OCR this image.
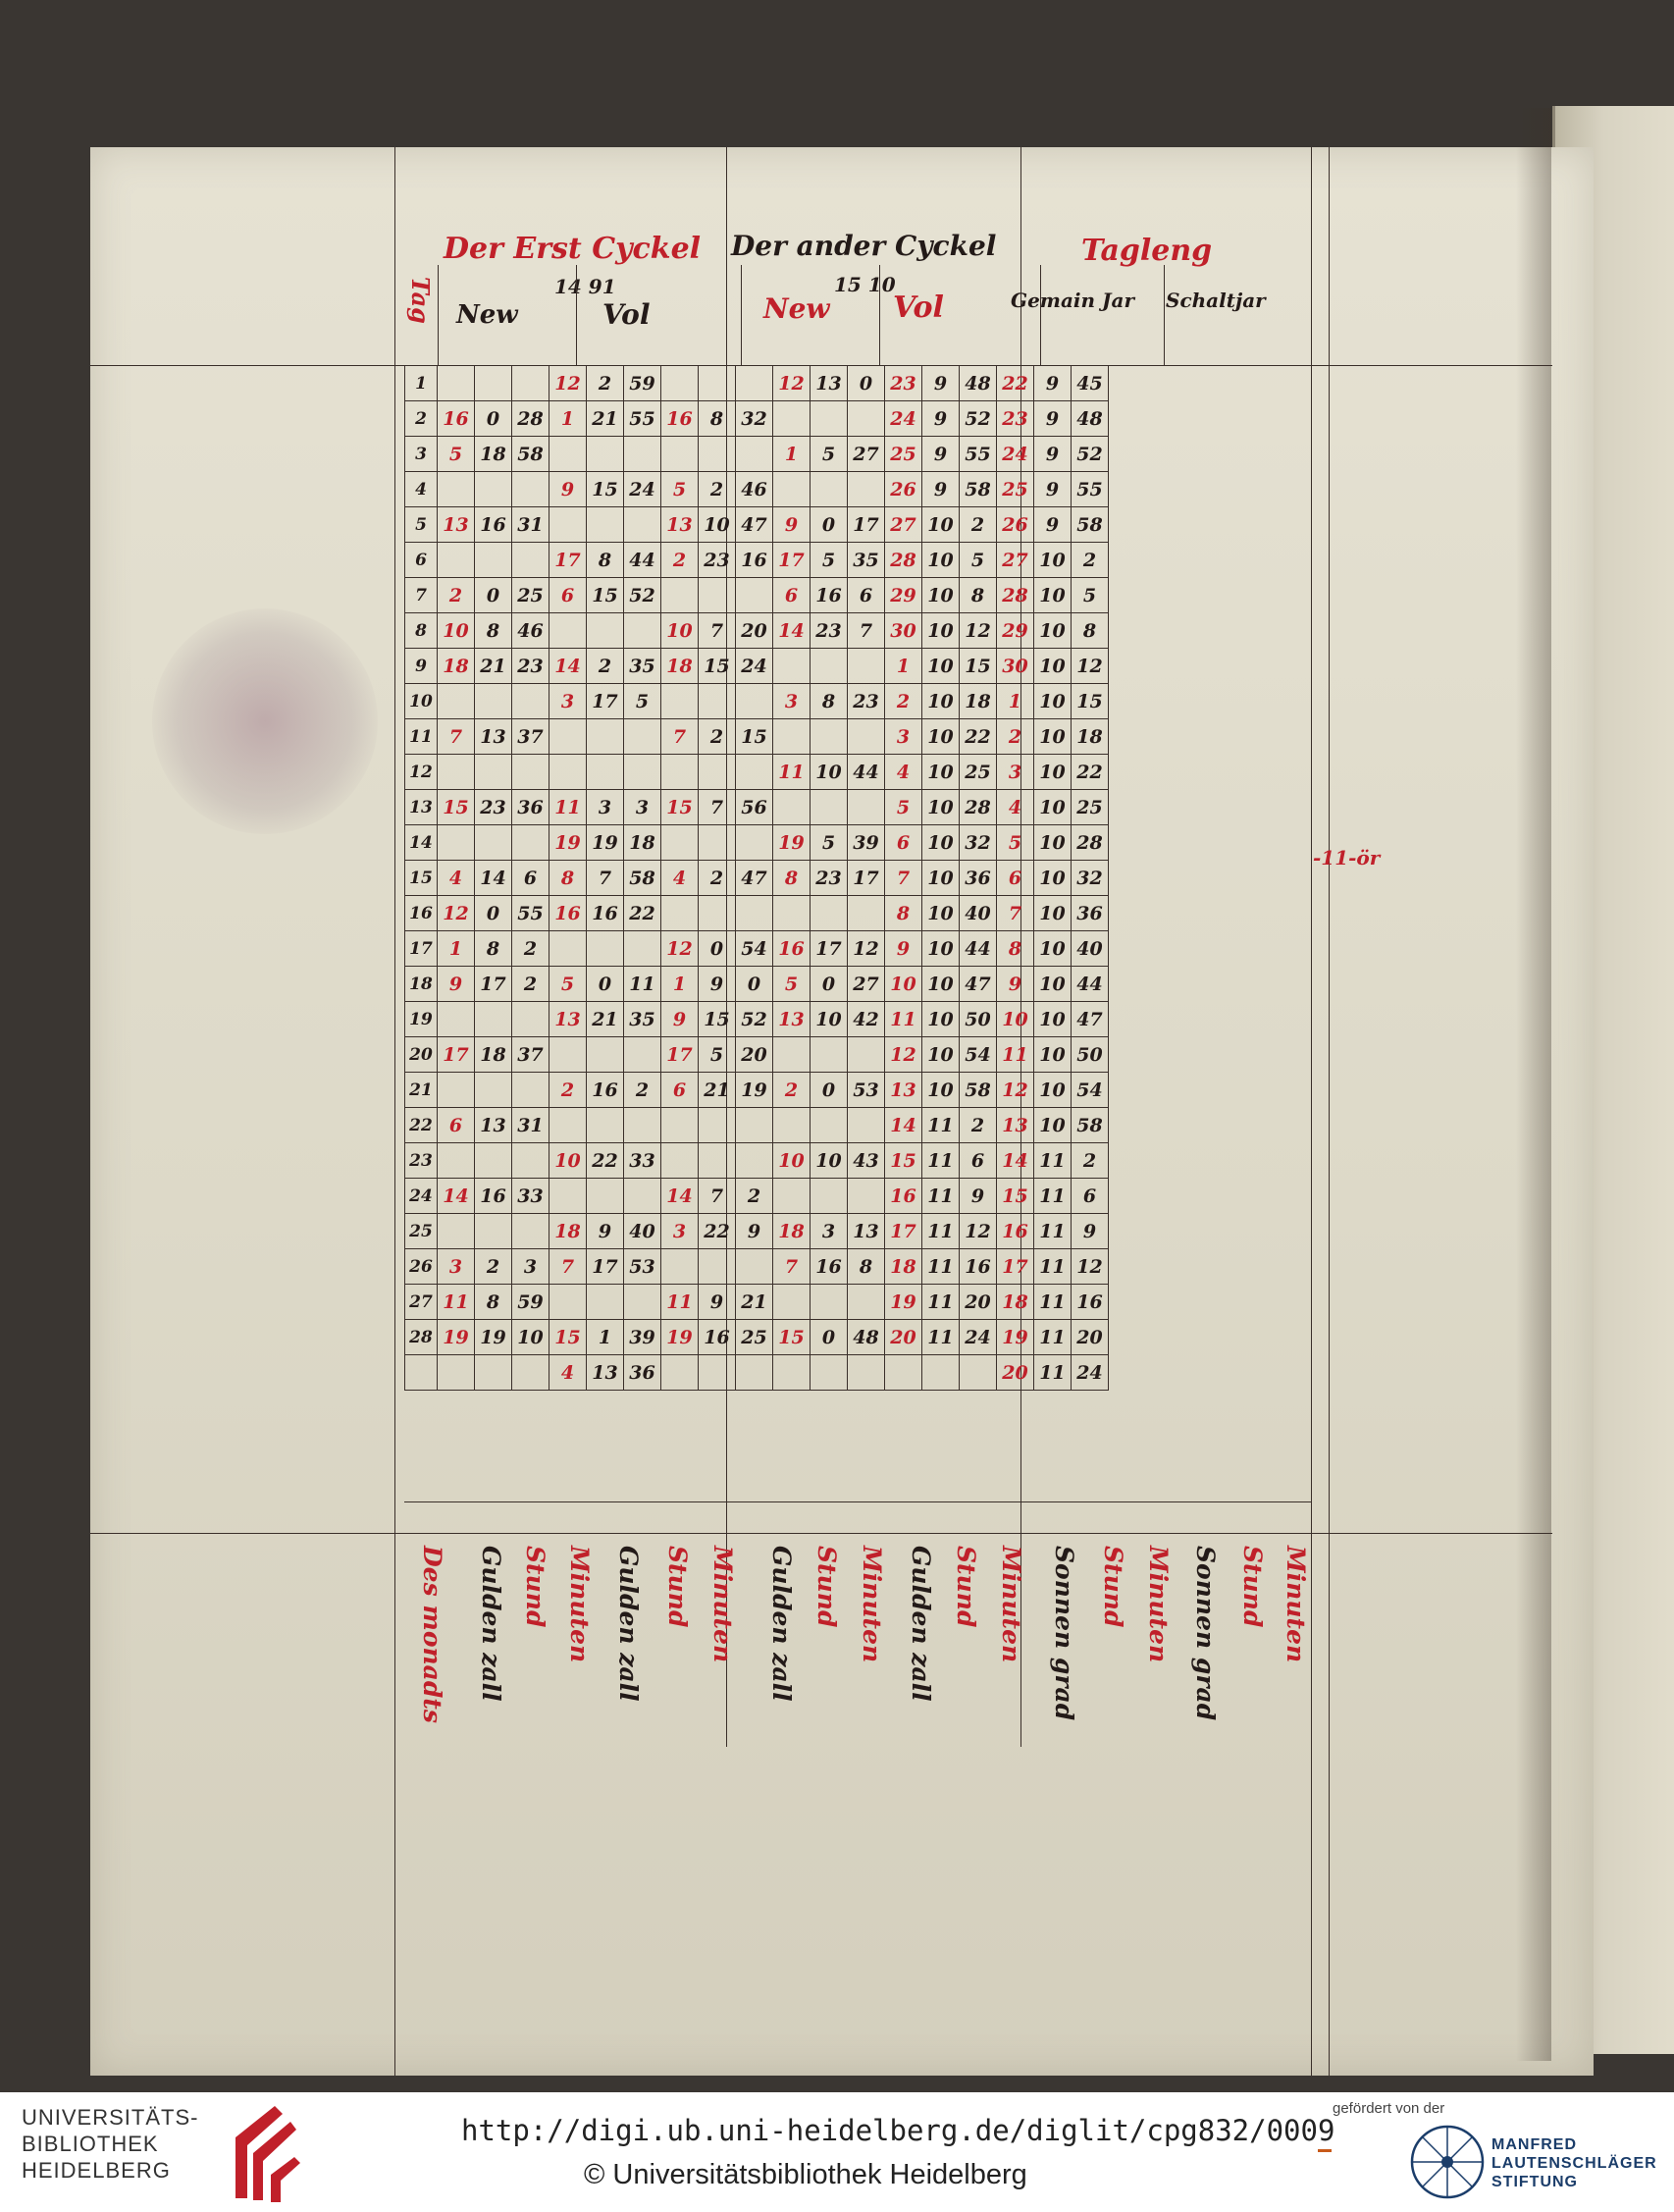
Der Erst Cyckel Der ander Cyckel	Tagleng
New
14 91
Vol	New
15 10
Vol	Gemain Jar Schaltjar
Tag
1				12	2	59				12	13	0	23	9	48	22	9	45
2	16	0	28	1	21	55	16	8	32				24	9	52	23	9	48
3	5	18	58							1	5	27	25	9	55	24	9	52
4				9	15	24	5	2	46				26	9	58	25	9	55
5	13	16	31				13	10	47	9	0	17	27	10	2	26	9	58
6				17	8	44	2	23	16	17	5	35	28	10	5	27	10	2
7	2	0	25	6	15	52				6	16	6	29	10	8	28	10	5
8	10	8	46				10	7	20	14	23	7	30	10	12	29	10	8
9	18	21	23	14	2	35	18	15	24				1	10	15	30	10	12
10				3	17	5				3	8	23	2	10	18	1	10	15
11	7	13	37				7	2	15				3	10	22	2	10	18
12										11	10	44	4	10	25	3	10	22
13	15	23	36	11	3	3	15	7	56				5	10	28	4	10	25
14				19	19	18				19	5	39	6	10	32	5	10	28
15	4	14	6	8	7	58	4	2	47	8	23	17	7	10	36	6	10	32
16	12	0	55	16	16	22							8	10	40	7	10	36
17	1	8	2				12	0	54	16	17	12	9	10	44	8	10	40
18	9	17	2	5	0	11	1	9	0	5	0	27	10	10	47	9	10	44
19				13	21	35	9	15	52	13	10	42	11	10	50	10	10	47
20	17	18	37				17	5	20				12	10	54	11	10	50
21				2	16	2	6	21	19	2	0	53	13	10	58	12	10	54
22	6	13	31										14	11	2	13	10	58
23				10	22	33				10	10	43	15	11	6	14	11	2
24	14	16	33				14	7	2				16	11	9	15	11	6
25				18	9	40	3	22	9	18	3	13	17	11	12	16	11	9
26	3	2	3	7	17	53				7	16	8	18	11	16	17	11	12
27	11	8	59				11	9	21				19	11	20	18	11	16
28	19	19	10	15	1	39	19	16	25	15	0	48	20	11	24	19	11	20
				4	13	36										20	11	24
-11-ör
Des monadts Gulden zall Stund Minuten Gulden zall Stund Minuten Gulden zall Stund Minuten Gulden zall Stund Minuten Sonnen grad Stund Minuten Sonnen grad Stund Minuten
UNIVERSITÄTS-
BIBLIOTHEK
HEIDELBERG
http://digi.ub.uni-heidelberg.de/diglit/cpg832/0009
© Universitätsbibliothek Heidelberg
gefördert von der
MANFRED
LAUTENSCHLÄGER
STIFTUNG
